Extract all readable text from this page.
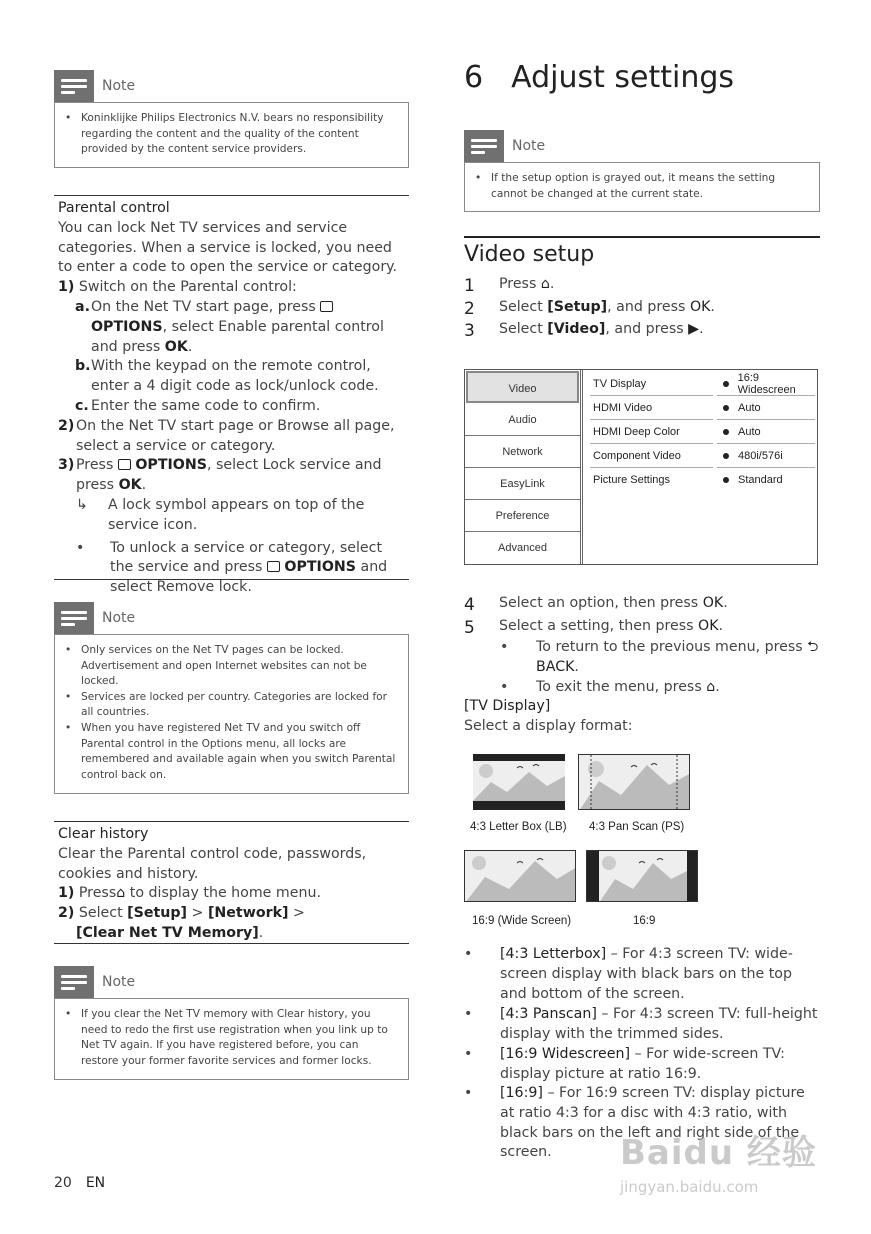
Note
• Koninklijke Philips Electronics N.V. bears no responsibility regarding the content and the quality of the content provided by the content service providers.
Parental control

You can lock Net TV services and service categories. When a service is locked, you need to enter a code to open the service or category.

1) Switch on the Parental control:

a. On the Net TV start page, press  OPTIONS, select Enable parental control and press OK.
b. With the keypad on the remote control, enter a 4 digit code as lock/unlock code.
c. Enter the same code to confirm.
2) On the Net TV start page or Browse all page, select a service or category.
3) Press OPTIONS, select Lock service and press OK.
↳	A lock symbol appears on top of the service icon.
•	To unlock a service or category, select the service and press OPTIONS and select Remove lock.
Note
• Only services on the Net TV pages can be locked. Advertisement and open Internet websites can not be locked.
• Services are locked per country. Categories are locked for all countries.
• When you have registered Net TV and you switch off Parental control in the Options menu, all locks are remembered and available again when you switch Parental control back on.
Clear history

Clear the Parental control code, passwords, cookies and history.

1) Press⌂ to display the home menu.

2) Select [Setup] > [Network] >

[Clear Net TV Memory].

Note
• If you clear the Net TV memory with Clear history, you need to redo the first use registration when you link up to Net TV again. If you have registered before, you can restore your former favorite services and former locks.
6 Adjust settings
Note
• If the setup option is grayed out, it means the setting cannot be changed at the current state.
Video setup
1	Press ⌂.
2	Select [Setup], and press OK.
3	Select [Video], and press ▶.
Video
Audio
Network
EasyLink
Preference
Advanced
TV Display	16:9 Widescreen
HDMI Video	Auto
HDMI Deep Color	Auto
Component Video	480i/576i
Picture Settings	Standard
4	Select an option, then press OK.
5	Select a setting, then press OK.
•	To return to the previous menu, press ⮌
BACK.
•	To exit the menu, press ⌂.
[TV Display]
Select a display format:
4:3 Letter Box (LB) 4:3 Pan Scan (PS)
16:9 (Wide Screen)	16:9
•	[4:3 Letterbox] – For 4:3 screen TV: wide-screen display with black bars on the top and bottom of the screen.
•	[4:3 Panscan] – For 4:3 screen TV: full-height display with the trimmed sides.
•	[16:9 Widescreen] – For wide-screen TV: display picture at ratio 16:9.
•	[16:9] – For 16:9 screen TV: display picture at ratio 4:3 for a disc with 4:3 ratio, with black bars on the left and right side of the screen.
20 EN
Baidu 经验
jingyan.baidu.com
